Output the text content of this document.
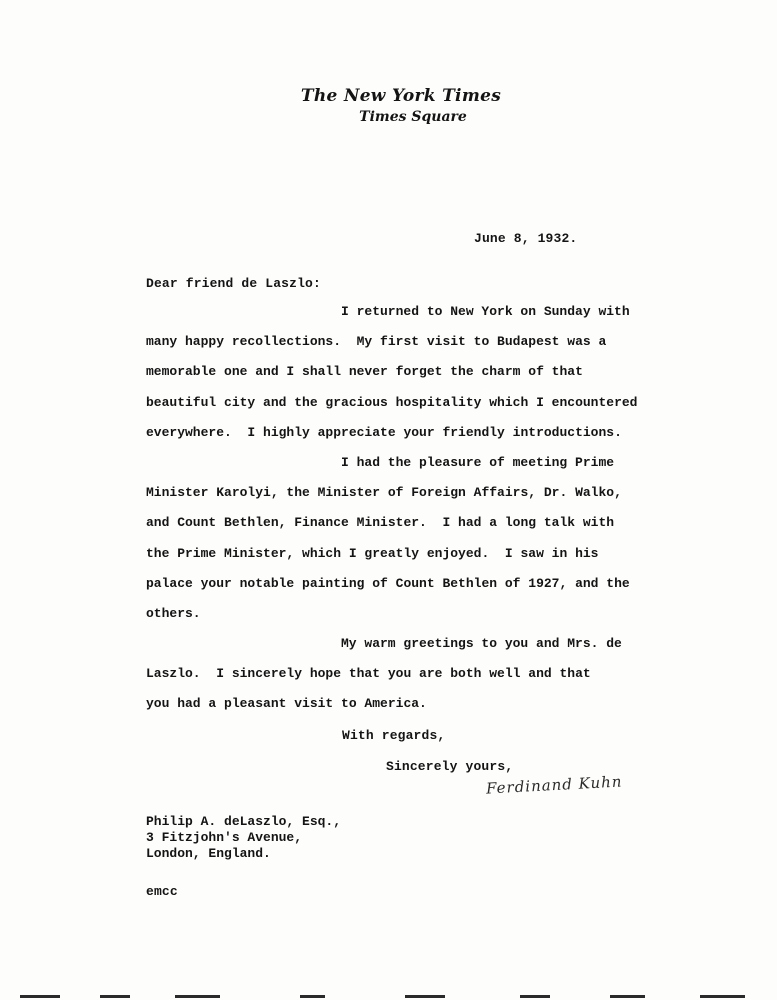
The New York Times
Times Square
June 8, 1932.
Dear friend de Laszlo:
I returned to New York on Sunday with
many happy recollections.  My first visit to Budapest was a
memorable one and I shall never forget the charm of that
beautiful city and the gracious hospitality which I encountered
everywhere.  I highly appreciate your friendly introductions.
I had the pleasure of meeting Prime
Minister Karolyi, the Minister of Foreign Affairs, Dr. Walko,
and Count Bethlen, Finance Minister.  I had a long talk with
the Prime Minister, which I greatly enjoyed.  I saw in his
palace your notable painting of Count Bethlen of 1927, and the
others.
My warm greetings to you and Mrs. de
Laszlo.  I sincerely hope that you are both well and that
you had a pleasant visit to America.
With regards,
Sincerely yours,
Ferdinand Kuhn
Philip A. deLaszlo, Esq.,
3 Fitzjohn's Avenue,
London, England.
emcc
